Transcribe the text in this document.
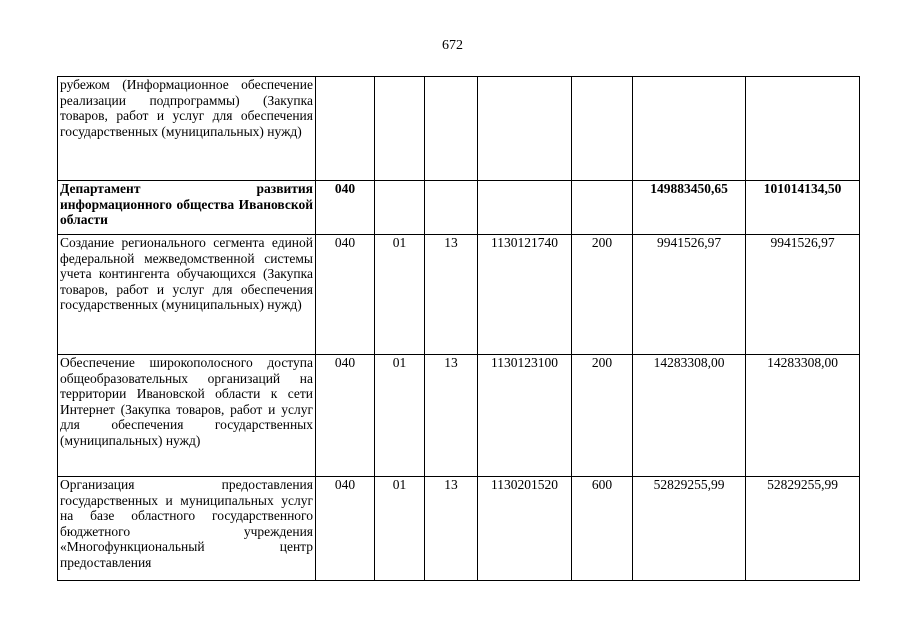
672
рубежом (Информационное обеспечение реализации подпрограммы) (Закупка товаров, работ и услуг для обеспечения государственных (муниципальных) нужд)							
Департамент развития информационного общества Ивановской области	040					149883450,65	101014134,50
Создание регионального сегмента единой федеральной межведомственной системы учета контингента обучающихся (Закупка товаров, работ и услуг для обеспечения государственных (муниципальных) нужд)	040	01	13	1130121740	200	9941526,97	9941526,97
Обеспечение широкополосного доступа общеобразовательных организаций на территории Ивановской области к сети Интернет (Закупка товаров, работ и услуг для обеспечения государственных (муниципальных) нужд)	040	01	13	1130123100	200	14283308,00	14283308,00
Организация предоставления государственных и муниципальных услуг на базе областного государственного бюджетного учреждения «Многофункциональный центр предоставления	040	01	13	1130201520	600	52829255,99	52829255,99
